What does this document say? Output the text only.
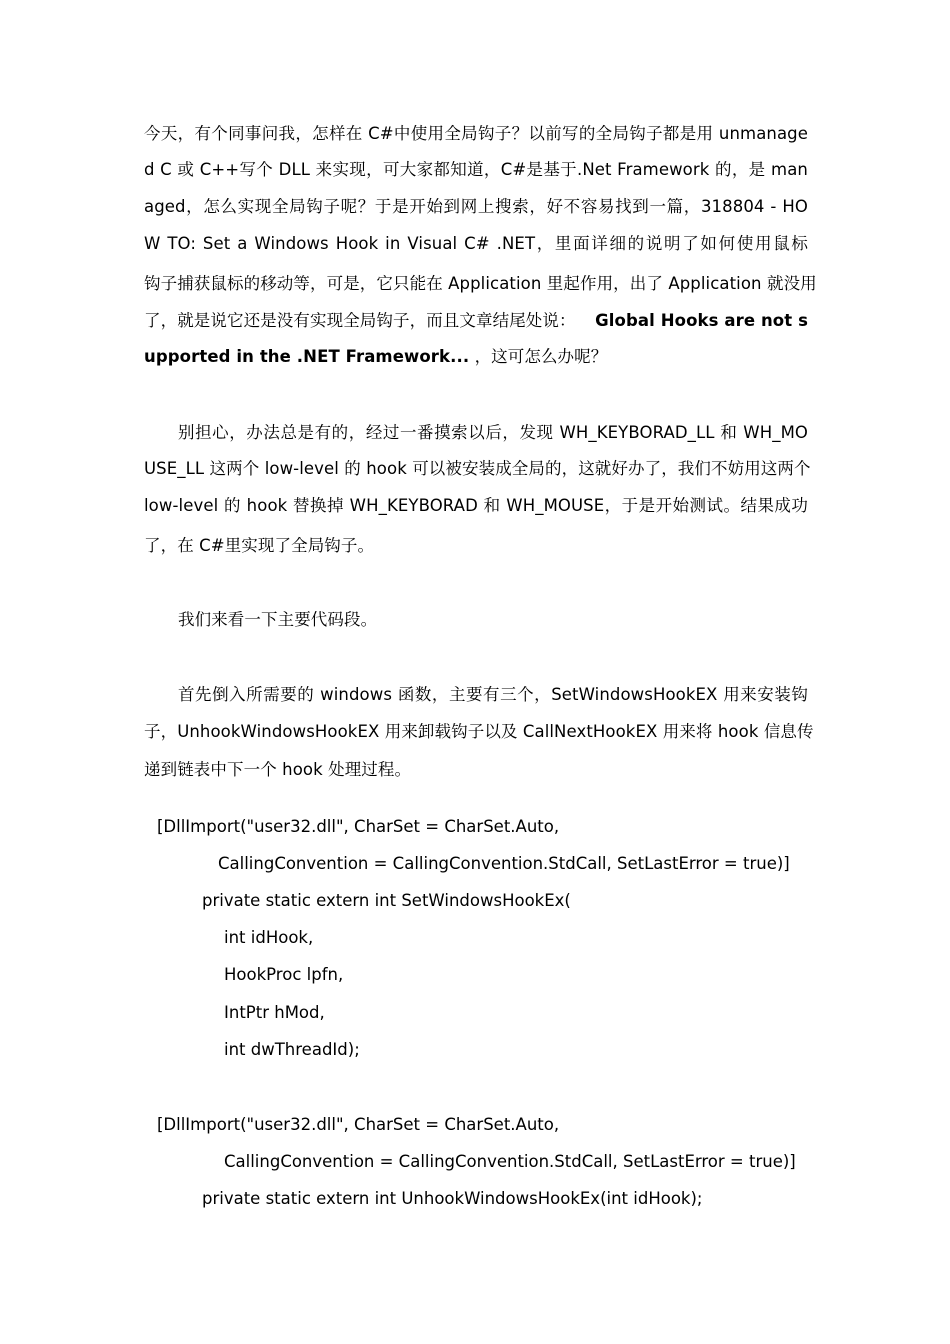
今天，有个同事问我，怎样在 C#中使用全局钩子？以前写的全局钩子都是用 unmanage
d C 或 C++写个 DLL 来实现，可大家都知道，C#是基于.Net Framework 的，是 man
aged，怎么实现全局钩子呢？于是开始到网上搜索，好不容易找到一篇，318804 - HO
W TO: Set a Windows Hook in Visual C# .NET，里面详细的说明了如何使用鼠标
钩子捕获鼠标的移动等，可是，它只能在 Application 里起作用，出了 Application 就没用
了，就是说它还是没有实现全局钩子，而且文章结尾处说： Global Hooks are not s
upported in the .NET Framework... ，这可怎么办呢？
别担心，办法总是有的，经过一番摸索以后，发现 WH_KEYBORAD_LL 和 WH_MO
USE_LL 这两个 low-level 的 hook 可以被安装成全局的，这就好办了，我们不妨用这两个
low-level 的 hook 替换掉 WH_KEYBORAD 和 WH_MOUSE，于是开始测试。结果成功
了，在 C#里实现了全局钩子。
我们来看一下主要代码段。
首先倒入所需要的 windows 函数，主要有三个，SetWindowsHookEX 用来安装钩
子，UnhookWindowsHookEX 用来卸载钩子以及 CallNextHookEX 用来将 hook 信息传
递到链表中下一个 hook 处理过程。
[DllImport("user32.dll", CharSet = CharSet.Auto,
CallingConvention = CallingConvention.StdCall, SetLastError = true)]
private static extern int SetWindowsHookEx(
int idHook,
HookProc lpfn,
IntPtr hMod,
int dwThreadId);
[DllImport("user32.dll", CharSet = CharSet.Auto,
CallingConvention = CallingConvention.StdCall, SetLastError = true)]
private static extern int UnhookWindowsHookEx(int idHook);
